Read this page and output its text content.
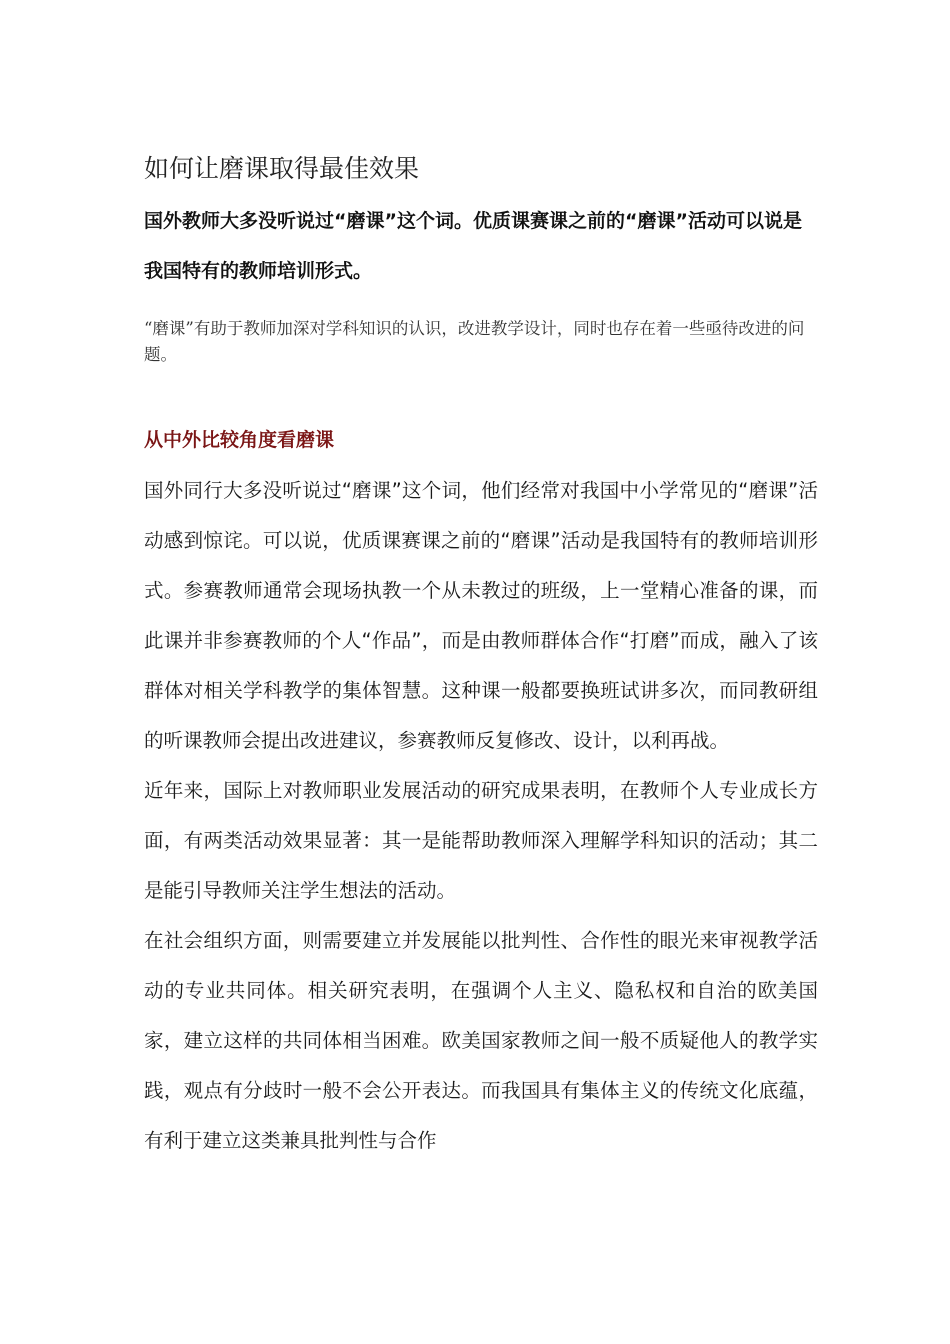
如何让磨课取得最佳效果

国外教师大多没听说过“磨课”这个词。优质课赛课之前的“磨课”活动可以说是我国特有的教师培训形式。

“磨课”有助于教师加深对学科知识的认识，改进教学设计，同时也存在着一些亟待改进的问题。

从中外比较角度看磨课

国外同行大多没听说过“磨课”这个词，他们经常对我国中小学常见的“磨课”活动感到惊诧。可以说，优质课赛课之前的“磨课”活动是我国特有的教师培训形式。参赛教师通常会现场执教一个从未教过的班级，上一堂精心准备的课，而此课并非参赛教师的个人“作品”，而是由教师群体合作“打磨”而成，融入了该群体对相关学科教学的集体智慧。这种课一般都要换班试讲多次，而同教研组的听课教师会提出改进建议，参赛教师反复修改、设计，以利再战。

近年来，国际上对教师职业发展活动的研究成果表明，在教师个人专业成长方面，有两类活动效果显著：其一是能帮助教师深入理解学科知识的活动；其二是能引导教师关注学生想法的活动。

在社会组织方面，则需要建立并发展能以批判性、合作性的眼光来审视教学活动的专业共同体。相关研究表明，在强调个人主义、隐私权和自治的欧美国家，建立这样的共同体相当困难。欧美国家教师之间一般不质疑他人的教学实践，观点有分歧时一般不会公开表达。而我国具有集体主义的传统文化底蕴，有利于建立这类兼具批判性与合作
